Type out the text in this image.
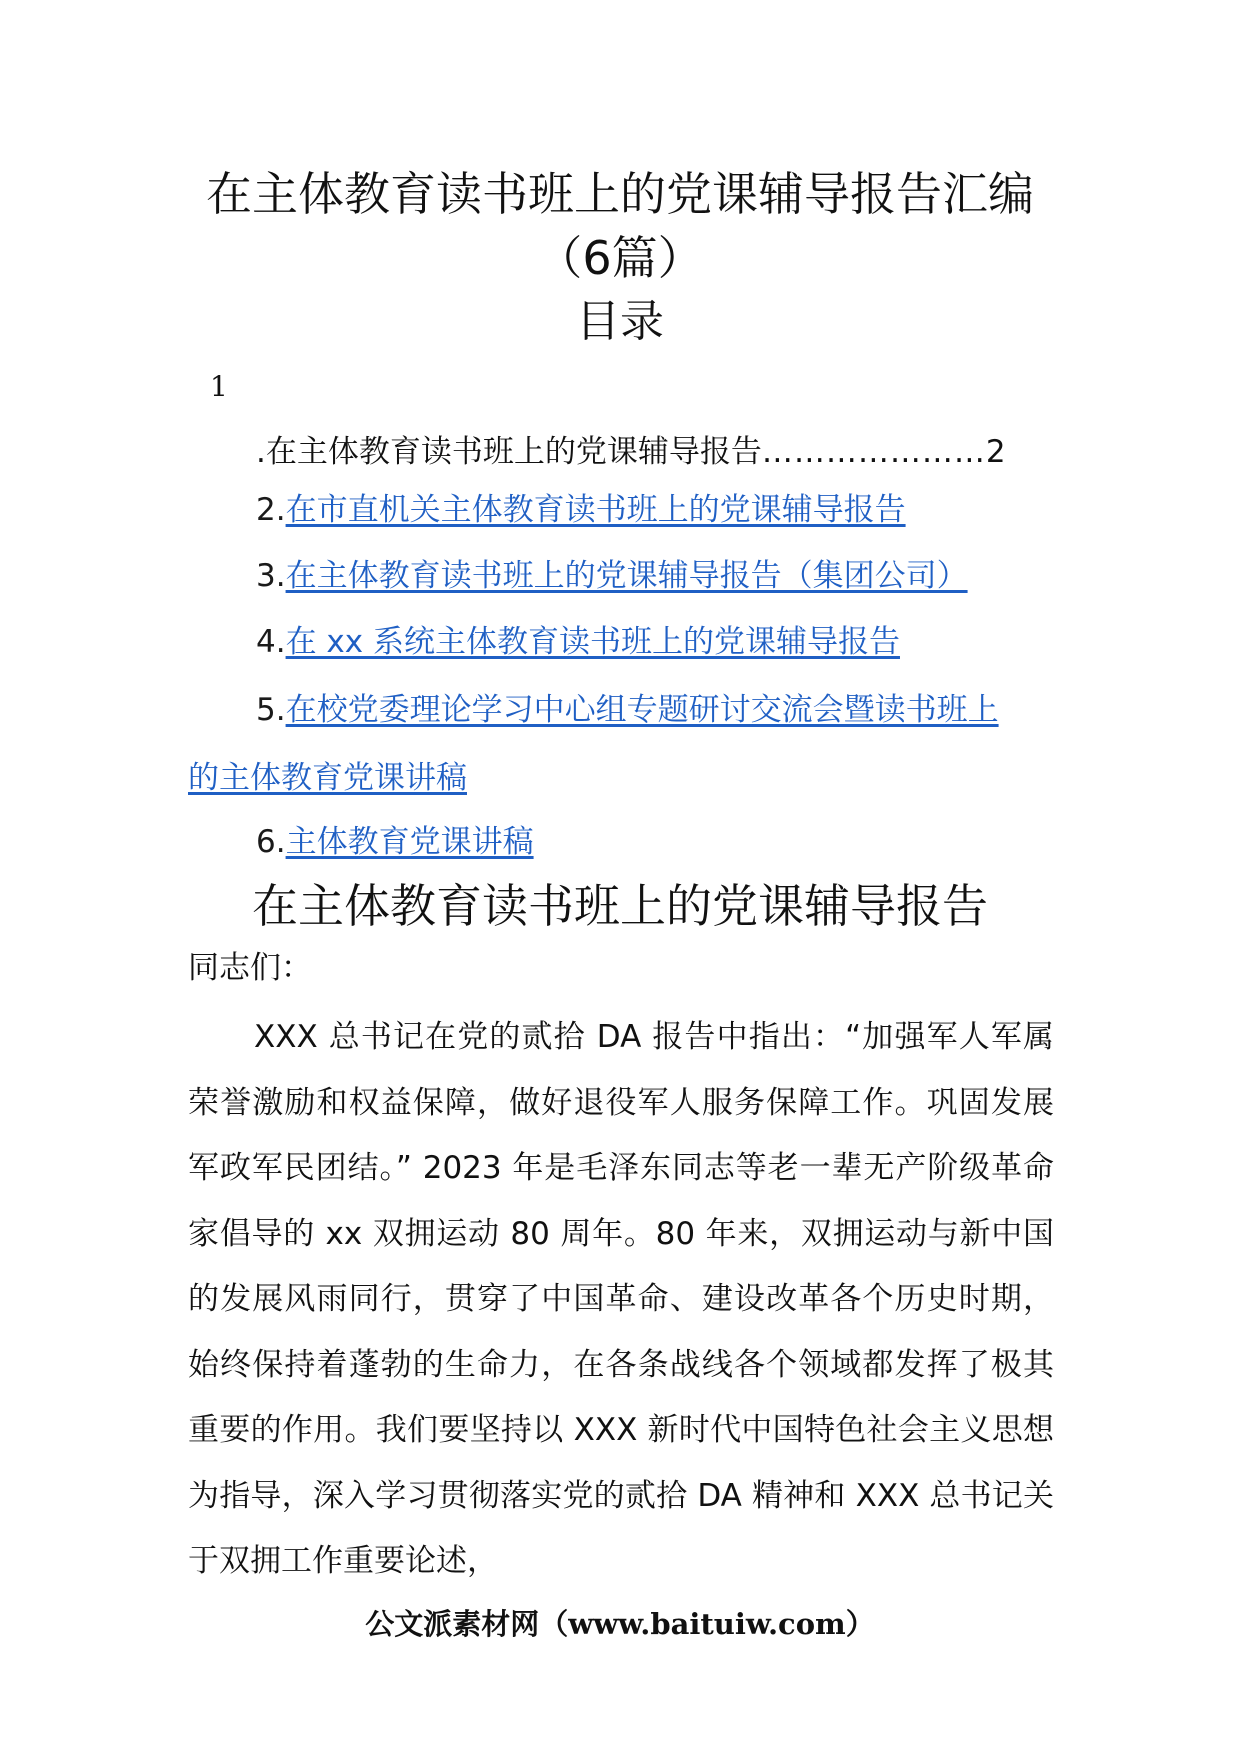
在主体教育读书班上的党课辅导报告汇编
（6篇）
目录
1
.在主体教育读书班上的党课辅导报告…………………2
2.在市直机关主体教育读书班上的党课辅导报告
3.在主体教育读书班上的党课辅导报告（集团公司）
4.在 xx 系统主体教育读书班上的党课辅导报告
5.在校党委理论学习中心组专题研讨交流会暨读书班上
的主体教育党课讲稿
6.主体教育党课讲稿
在主体教育读书班上的党课辅导报告
同志们：

XXX 总书记在党的贰拾 DA 报告中指出：“加强军人军属荣誉激励和权益保障，做好退役军人服务保障工作。巩固发展军政军民团结。” 2023 年是毛泽东同志等老一辈无产阶级革命家倡导的 xx 双拥运动 80 周年。80 年来，双拥运动与新中国的发展风雨同行，贯穿了中国革命、建设改革各个历史时期，始终保持着蓬勃的生命力，在各条战线各个领域都发挥了极其重要的作用。我们要坚持以 XXX 新时代中国特色社会主义思想为指导，深入学习贯彻落实党的贰拾 DA 精神和 XXX 总书记关于双拥工作重要论述，

公文派素材网（www.baituiw.com）
